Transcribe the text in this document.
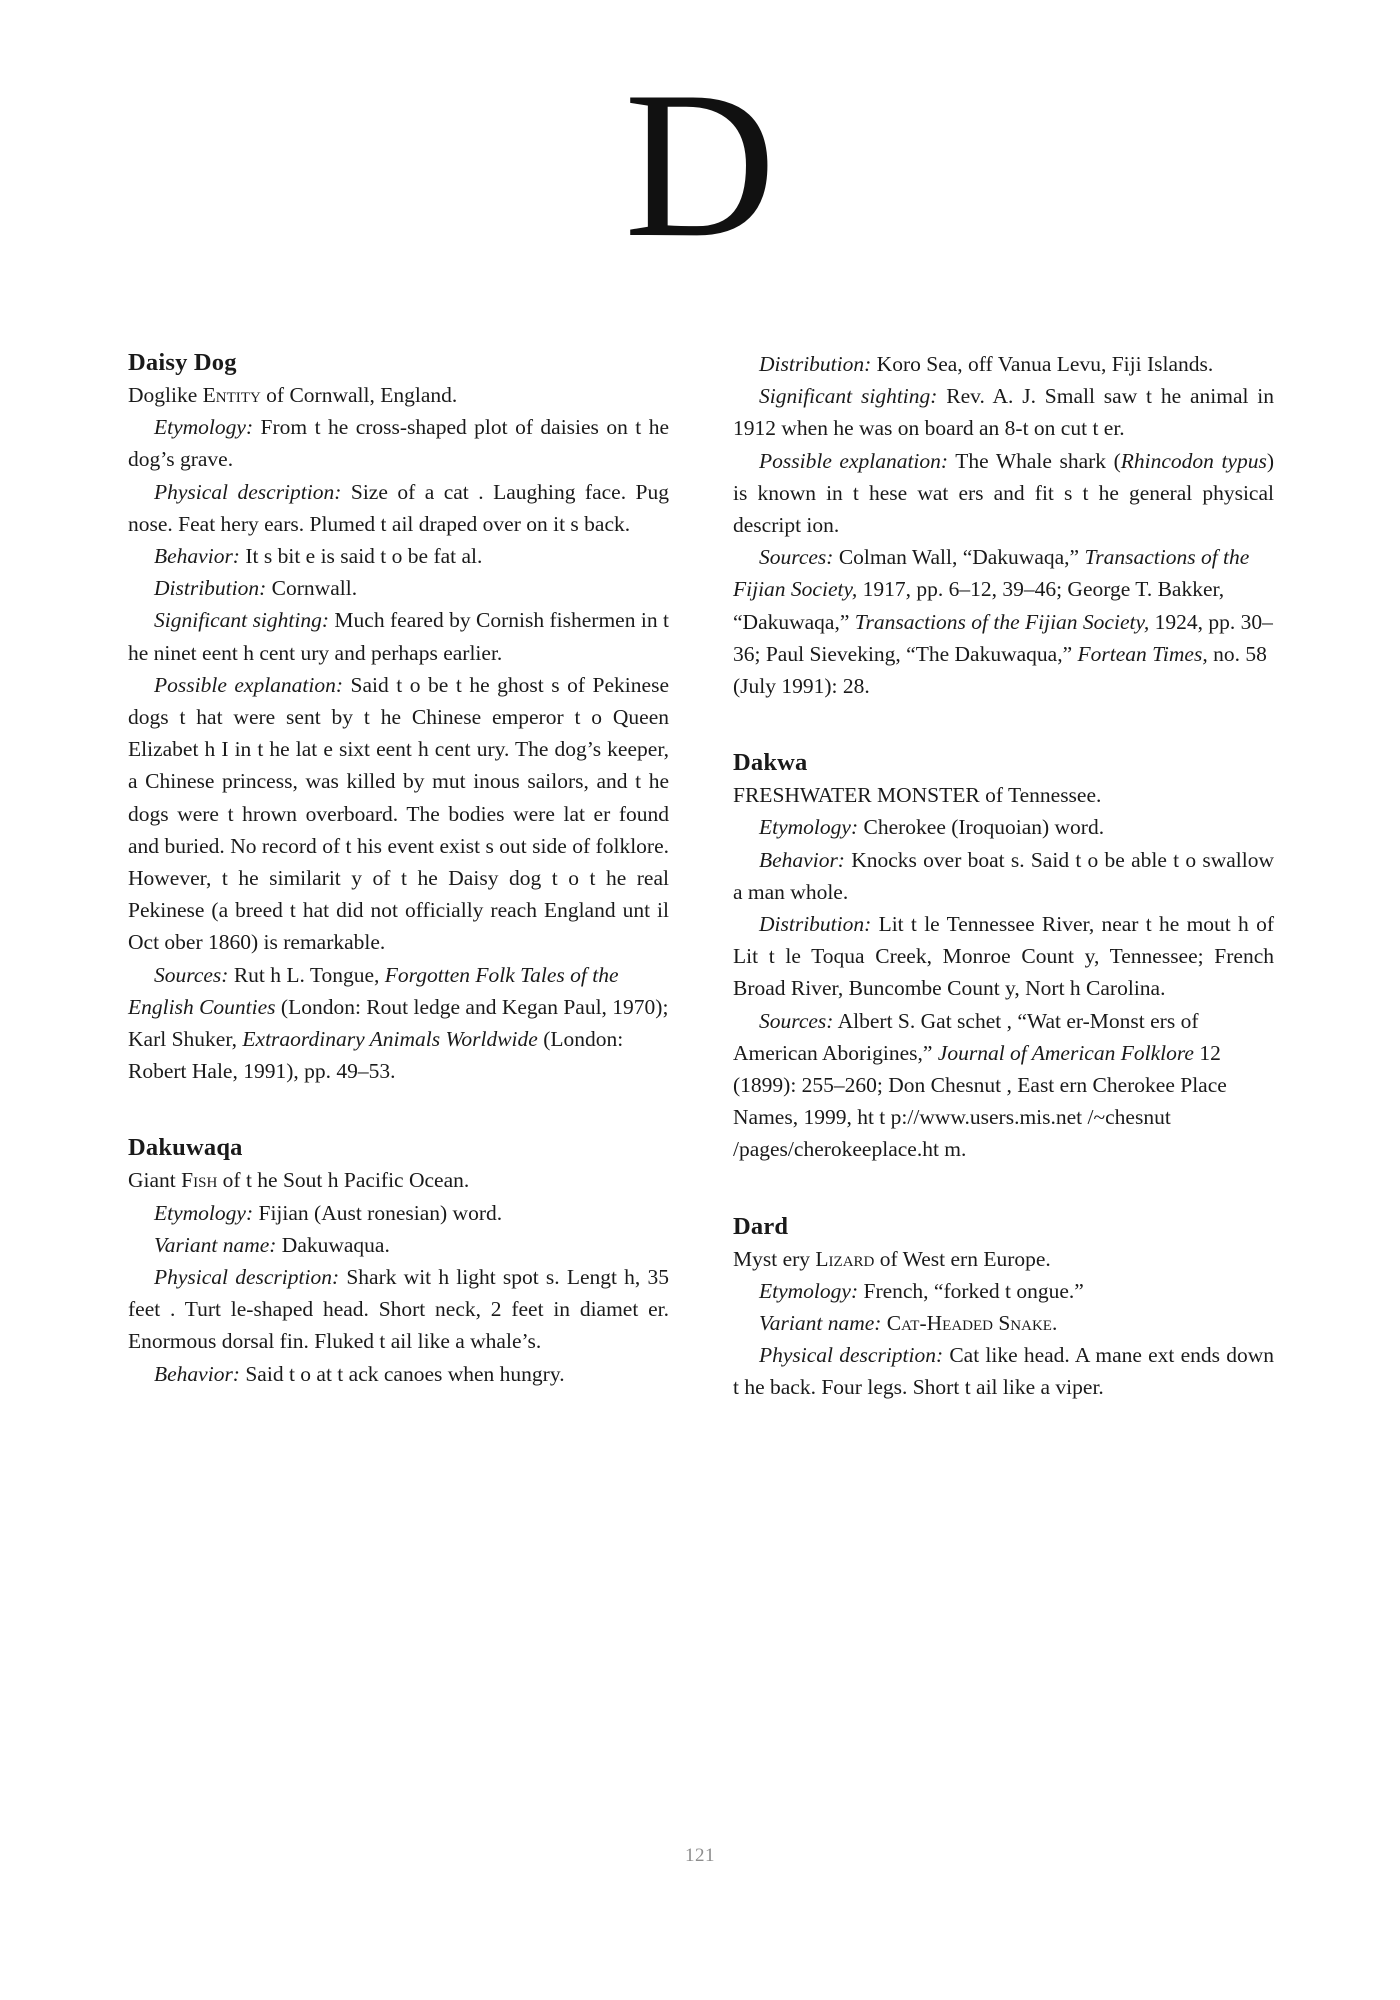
D
Daisy Dog

Doglike Entity of Cornwall, England.

Etymology: From t he cross-shaped plot of daisies on t he dog’s grave.

Physical description: Size of a cat . Laughing face. Pug nose. Feat hery ears. Plumed t ail draped over on it s back.

Behavior: It s bit e is said t o be fat al.

Distribution: Cornwall.

Significant sighting: Much feared by Cornish fishermen in t he ninet eent h cent ury and perhaps earlier.

Possible explanation: Said t o be t he ghost s of Pekinese dogs t hat were sent by t he Chinese emperor t o Queen Elizabet h I in t he lat e sixt eent h cent ury. The dog’s keeper, a Chinese princess, was killed by mut inous sailors, and t he dogs were t hrown overboard. The bodies were lat er found and buried. No record of t his event exist s out side of folklore. However, t he similarit y of t he Daisy dog t o t he real Pekinese (a breed t hat did not officially reach England unt il Oct ober 1860) is remarkable.

Sources: Rut h L. Tongue, Forgotten Folk Tales of the English Counties (London: Rout ledge and Kegan Paul, 1970); Karl Shuker, Extraordinary Animals Worldwide (London: Robert Hale, 1991), pp. 49–53.

Dakuwaqa

Giant Fish of t he Sout h Pacific Ocean.

Etymology: Fijian (Aust ronesian) word.

Variant name: Dakuwaqua.

Physical description: Shark wit h light spot s. Lengt h, 35 feet . Turt le-shaped head. Short neck, 2 feet in diamet er. Enormous dorsal fin. Fluked t ail like a whale’s.

Behavior: Said t o at t ack canoes when hungry.

Distribution: Koro Sea, off Vanua Levu, Fiji Islands.

Significant sighting: Rev. A. J. Small saw t he animal in 1912 when he was on board an 8-t on cut t er.

Possible explanation: The Whale shark (Rhincodon typus) is known in t hese wat ers and fit s t he general physical descript ion.

Sources: Colman Wall, “Dakuwaqa,” Transactions of the Fijian Society, 1917, pp. 6–12, 39–46; George T. Bakker, “Dakuwaqa,” Transactions of the Fijian Society, 1924, pp. 30–36; Paul Sieveking, “The Dakuwaqua,” Fortean Times, no. 58 (July 1991): 28.

Dakwa

FRESHWATER MONSTER of Tennessee.

Etymology: Cherokee (Iroquoian) word.

Behavior: Knocks over boat s. Said t o be able t o swallow a man whole.

Distribution: Lit t le Tennessee River, near t he mout h of Lit t le Toqua Creek, Monroe Count y, Tennessee; French Broad River, Buncombe Count y, Nort h Carolina.

Sources: Albert S. Gat schet , “Wat er-Monst ers of American Aborigines,” Journal of American Folklore 12 (1899): 255–260; Don Chesnut , East ern Cherokee Place Names, 1999, ht t p://www.users.mis.net /~chesnut /pages/cherokeeplace.ht m.

Dard

Myst ery Lizard of West ern Europe.

Etymology: French, “forked t ongue.”

Variant name: Cat-Headed Snake.

Physical description: Cat like head. A mane ext ends down t he back. Four legs. Short t ail like a viper.

121
